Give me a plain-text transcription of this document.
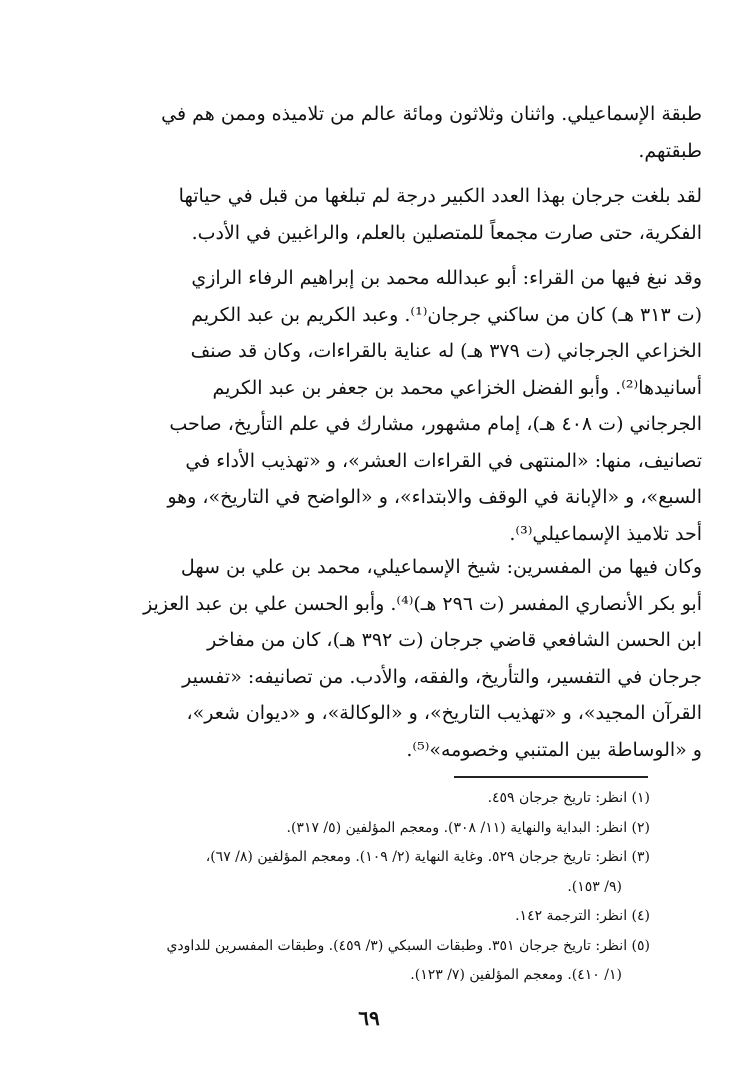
طبقة الإسماعيلي. واثنان وثلاثون ومائة عالم من تلاميذه وممن هم في
طبقتهم.
لقد بلغت جرجان بهذا العدد الكبير درجة لم تبلغها من قبل في حياتها
الفكرية، حتى صارت مجمعاً للمتصلين بالعلم، والراغبين في الأدب.
وقد نبغ فيها من القراء: أبو عبدالله محمد بن إبراهيم الرفاء الرازي
(ت ٣١٣ هـ) كان من ساكني جرجان⁽¹⁾. وعبد الكريم بن عبد الكريم
الخزاعي الجرجاني (ت ٣٧٩ هـ) له عناية بالقراءات، وكان قد صنف
أسانيدها⁽²⁾. وأبو الفضل الخزاعي محمد بن جعفر بن عبد الكريم
الجرجاني (ت ٤٠٨ هـ)، إمام مشهور، مشارك في علم التأريخ، صاحب
تصانيف، منها: «المنتهى في القراءات العشر»، و «تهذيب الأداء في
السبع»، و «الإبانة في الوقف والابتداء»، و «الواضح في التاريخ»، وهو
أحد تلاميذ الإسماعيلي⁽³⁾.
وكان فيها من المفسرين: شيخ الإسماعيلي، محمد بن علي بن سهل
أبو بكر الأنصاري المفسر (ت ٢٩٦ هـ)⁽⁴⁾. وأبو الحسن علي بن عبد العزيز
ابن الحسن الشافعي قاضي جرجان (ت ٣٩٢ هـ)، كان من مفاخر
جرجان في التفسير، والتأريخ، والفقه، والأدب. من تصانيفه: «تفسير
القرآن المجيد»، و «تهذيب التاريخ»، و «الوكالة»، و «ديوان شعر»،
و «الوساطة بين المتنبي وخصومه»⁽⁵⁾.
(١) انظر: تاريخ جرجان ٤٥٩.
(٢) انظر: البداية والنهاية (١١/ ٣٠٨). ومعجم المؤلفين (٥/ ٣١٧).
(٣) انظر: تاريخ جرجان ٥٢٩. وغاية النهاية (٢/ ١٠٩). ومعجم المؤلفين (٨/ ٦٧)،
(٩/ ١٥٣).
(٤) انظر: الترجمة ١٤٢.
(٥) انظر: تاريخ جرجان ٣٥١. وطبقات السبكي (٣/ ٤٥٩). وطبقات المفسرين للداودي
(١/ ٤١٠). ومعجم المؤلفين (٧/ ١٢٣).
٦٩
